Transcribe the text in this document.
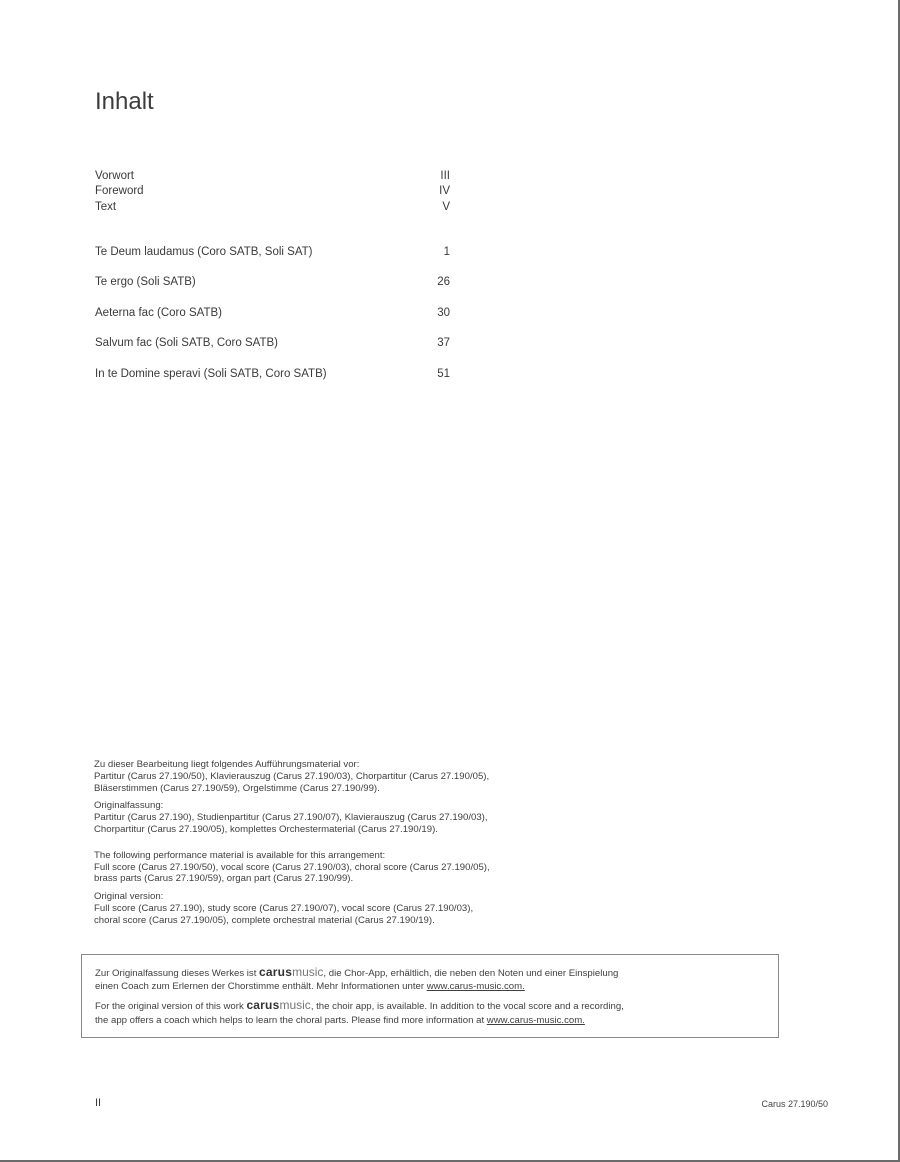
Inhalt
Vorwort	III
Foreword	IV
Text	V
Te Deum laudamus (Coro SATB, Soli SAT)	1
Te ergo (Soli SATB)	26
Aeterna fac (Coro SATB)	30
Salvum fac (Soli SATB, Coro SATB)	37
In te Domine speravi (Soli SATB, Coro SATB)	51

Zu dieser Bearbeitung liegt folgendes Aufführungsmaterial vor:
Partitur (Carus 27.190/50), Klavierauszug (Carus 27.190/03), Chorpartitur (Carus 27.190/05),
Bläserstimmen (Carus 27.190/59), Orgelstimme (Carus 27.190/99).

Originalfassung:
Partitur (Carus 27.190), Studienpartitur (Carus 27.190/07), Klavierauszug (Carus 27.190/03),
Chorpartitur (Carus 27.190/05), komplettes Orchestermaterial (Carus 27.190/19).

The following performance material is available for this arrangement:
Full score (Carus 27.190/50), vocal score (Carus 27.190/03), choral score (Carus 27.190/05),
brass parts (Carus 27.190/59), organ part (Carus 27.190/99).

Original version:
Full score (Carus 27.190), study score (Carus 27.190/07), vocal score (Carus 27.190/03),
choral score (Carus 27.190/05), complete orchestral material (Carus 27.190/19).

Zur Originalfassung dieses Werkes ist carusmusic, die Chor-App, erhältlich, die neben den Noten und einer Einspielung
einen Coach zum Erlernen der Chorstimme enthält. Mehr Informationen unter www.carus-music.com.

For the original version of this work carusmusic, the choir app, is available. In addition to the vocal score and a recording,
the app offers a coach which helps to learn the choral parts. Please find more information at www.carus-music.com.

II	Carus 27.190/50
